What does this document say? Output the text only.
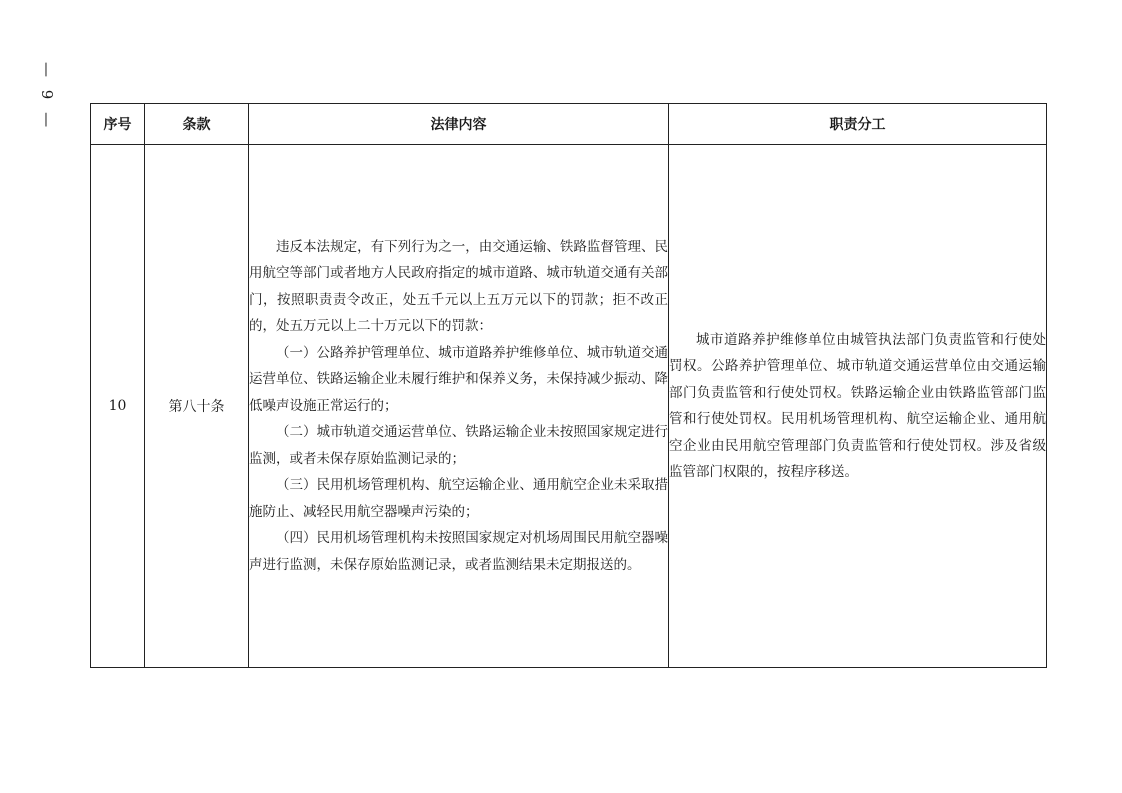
— 9 —	序号	条款	法律内容	职责分工
10	第八十条	违反本法规定，有下列行为之一，由交通运输、铁路监督管理、民用航空等部门或者地方人民政府指定的城市道路、城市轨道交通有关部门，按照职责责令改正，处五千元以上五万元以下的罚款；拒不改正的，处五万元以上二十万元以下的罚款：

（一）公路养护管理单位、城市道路养护维修单位、城市轨道交通运营单位、铁路运输企业未履行维护和保养义务，未保持减少振动、降低噪声设施正常运行的；

（二）城市轨道交通运营单位、铁路运输企业未按照国家规定进行监测，或者未保存原始监测记录的；

（三）民用机场管理机构、航空运输企业、通用航空企业未采取措施防止、减轻民用航空器噪声污染的；

（四）民用机场管理机构未按照国家规定对机场周围民用航空器噪声进行监测，未保存原始监测记录，或者监测结果未定期报送的。	城市道路养护维修单位由城管执法部门负责监管和行使处罚权。公路养护管理单位、城市轨道交通运营单位由交通运输部门负责监管和行使处罚权。铁路运输企业由铁路监管部门监管和行使处罚权。民用机场管理机构、航空运输企业、通用航空企业由民用航空管理部门负责监管和行使处罚权。涉及省级监管部门权限的，按程序移送。
